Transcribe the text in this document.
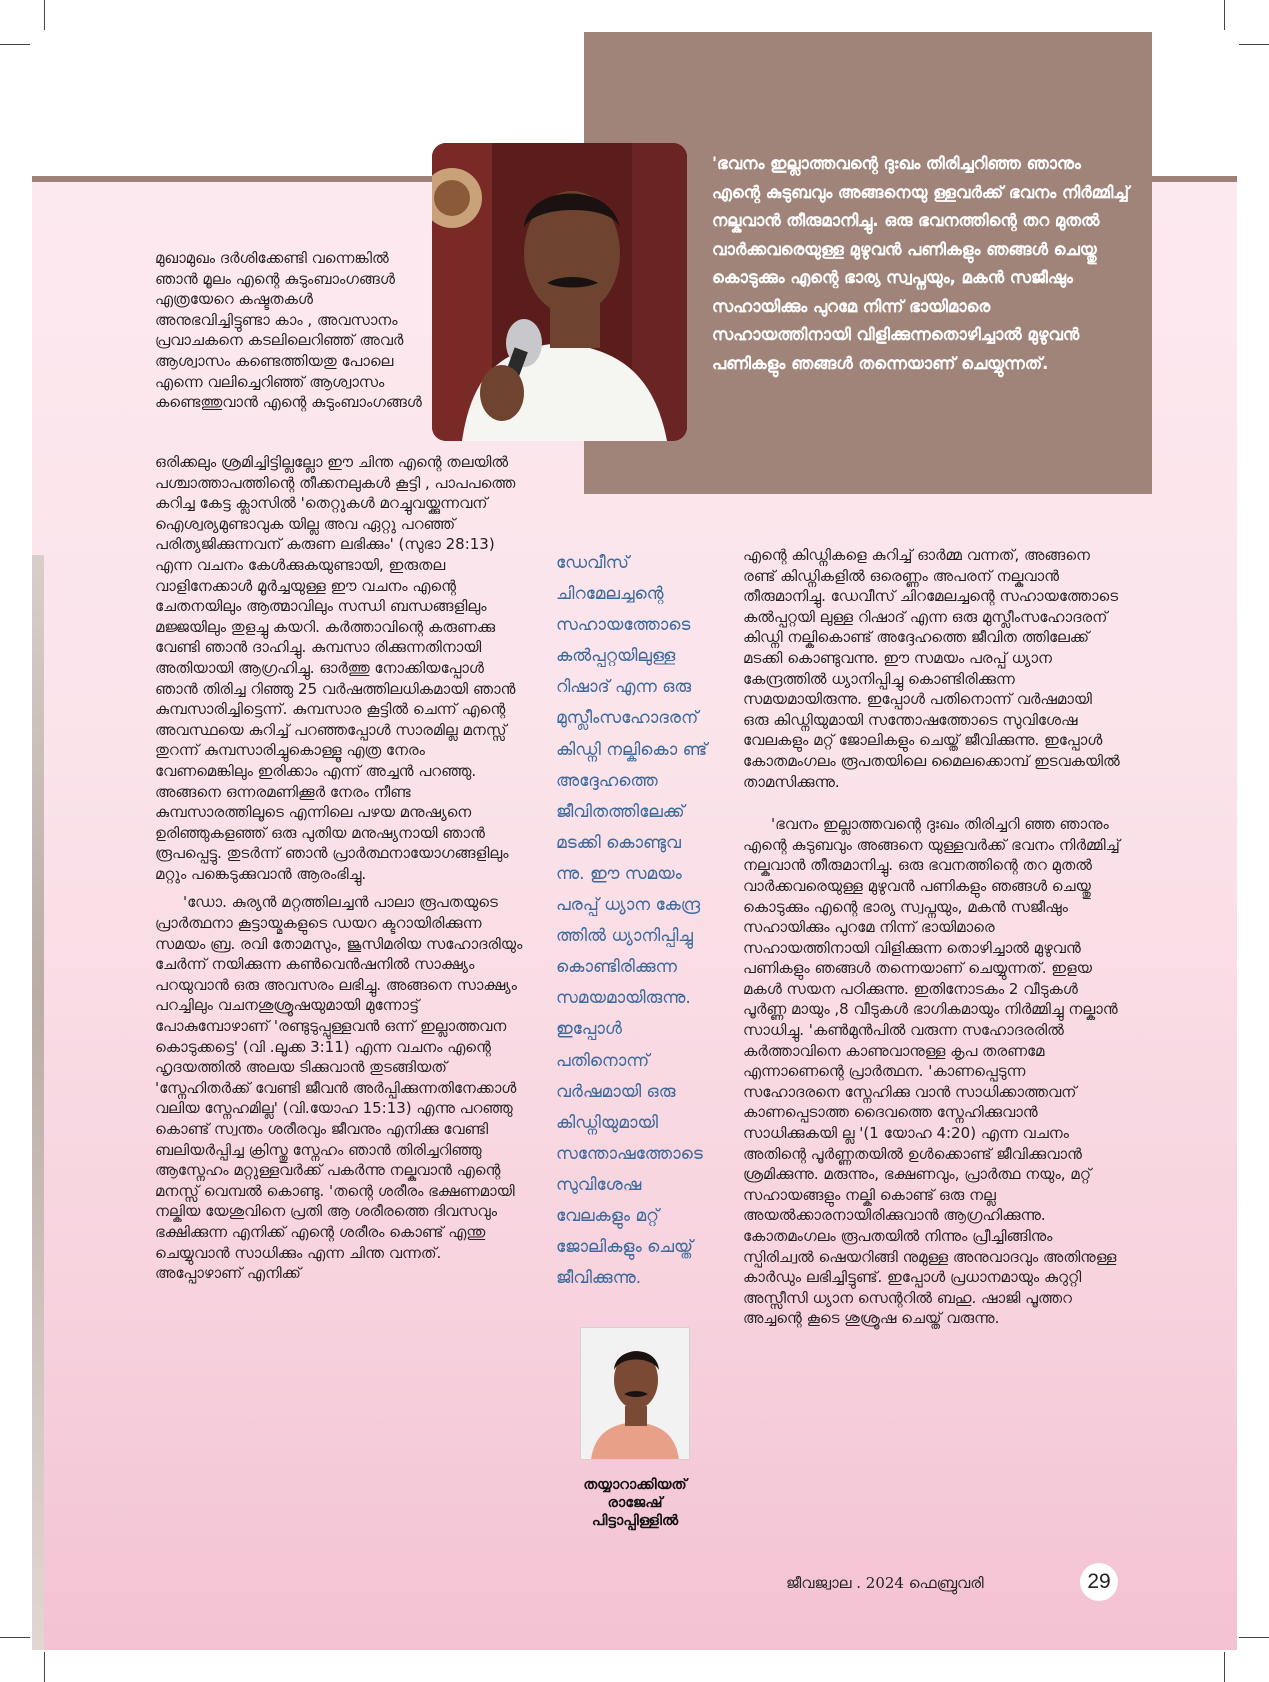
'ഭവനം ഇല്ലാത്തവന്റെ ദുഃഖം തിരിച്ചറിഞ്ഞ ഞാനും എന്റെ കുടുബവും അങ്ങനെയു ള്ളവർക്ക് ഭവനം നിർമ്മിച്ച് നല്കുവാൻ തീരുമാനിച്ചു. ഒരു ഭവനത്തിന്റെ തറ മുതൽ വാർക്കവരെയുള്ള മുഴുവൻ പണികളും ഞങ്ങൾ ചെയ്തു കൊടുക്കും എന്റെ ഭാര്യ സ്വപ്നയും, മകൻ സജീഷും സഹായിക്കും പുറമേ നിന്ന് ഭായിമാരെ സഹായത്തിനായി വിളിക്കുന്നതൊഴിച്ചാൽ മുഴുവൻ പണികളും ഞങ്ങൾ തന്നെയാണ് ചെയ്യുന്നത്.

മുഖാമുഖം ദർശിക്കേണ്ടി വന്നെങ്കിൽ ഞാൻ മൂലം എന്റെ കുടുംബാംഗങ്ങൾ എത്രയേറെ കഷ്ടതകൾ അനുഭവിച്ചിട്ടുണ്ടാ കാം , അവസാനം പ്രവാചകനെ കടലിലെറിഞ്ഞ് അവർ ആശ്വാസം കണ്ടെത്തിയതു പോലെ എന്നെ വലിച്ചെറിഞ്ഞ് ആശ്വാസം കണ്ടെത്തുവാൻ എന്റെ കുടുംബാംഗങ്ങൾ

ഒരിക്കലും ശ്രമിച്ചിട്ടില്ലല്ലോ ഈ ചിന്ത എന്റെ തലയിൽ പശ്ചാത്താപത്തിന്റെ തീക്കനലുകൾ കൂട്ടി , പാപപത്തെ കറിച്ച കേട്ട ക്ലാസിൽ 'തെറ്റുകൾ മറച്ചുവയ്ക്കുന്നവന് ഐശ്വര്യമുണ്ടാവുക യില്ല അവ ഏറ്റു പറഞ്ഞ് പരിത്യജിക്കുന്നവന് കരുണ ലഭിക്കും' (സുഭാ 28:13) എന്ന വചനം കേൾക്കുകയുണ്ടായി, ഇരുതല വാളിനേക്കാൾ മൂർച്ചയുള്ള ഈ വചനം എന്റെ ചേതനയിലും ആത്മാവിലും സന്ധി ബന്ധങ്ങളിലും മജ്ജയിലും തുളച്ചു കയറി. കർത്താവിന്റെ കരുണക്കു വേണ്ടി ഞാൻ ദാഹിച്ചു. കുമ്പസാ രിക്കുന്നതിനായി അതിയായി ആഗ്രഹിച്ചു. ഓർത്തു നോക്കിയപ്പോൾ ഞാൻ തിരിച്ച റിഞ്ഞു 25 വർഷത്തിലധികമായി ഞാൻ കുമ്പസാരിച്ചിട്ടെന്ന്. കുമ്പസാര കൂട്ടിൽ ചെന്ന് എന്റെ അവസ്ഥയെ കുറിച്ച് പറഞ്ഞപ്പോൾ സാരമില്ല മനസ്സ് തുറന്ന് കുമ്പസാരിച്ചുകൊള്ളൂ എത്ര നേരം വേണമെങ്കിലും ഇരിക്കാം എന്ന് അച്ചൻ പറഞ്ഞു. അങ്ങനെ ഒന്നരമണിക്കൂർ നേരം നീണ്ട കുമ്പസാരത്തിലൂടെ എന്നിലെ പഴയ മനുഷ്യനെ ഉരിഞ്ഞുകളഞ്ഞ് ഒരു പുതിയ മനുഷ്യനായി ഞാൻ രൂപപ്പെട്ടു. തുടർന്ന് ഞാൻ പ്രാർത്ഥനായോഗങ്ങളിലും മറ്റും പങ്കെടുക്കുവാൻ ആരംഭിച്ചു.

'ഡോ. കുര്യൻ മറ്റത്തിലച്ചൻ പാലാ രൂപതയുടെ പ്രാർത്ഥനാ കൂട്ടായ്മകളുടെ ഡയറ ക്ടറായിരിക്കുന്ന സമയം ബ്ര. രവി തോമസും, ജൂസിമരിയ സഹോദരിയും ചേർന്ന് നയിക്കുന്ന കൺവെൻഷനിൽ സാക്ഷ്യം പറയുവാൻ ഒരു അവസരം ലഭിച്ചു. അങ്ങനെ സാക്ഷ്യം പറച്ചിലും വചനശുശ്രൂഷയുമായി മുന്നോട്ട് പോകുമ്പോഴാണ് 'രണ്ടുടുപ്പുള്ളവൻ ഒന്ന് ഇല്ലാത്തവന കൊടുക്കട്ടെ' (വി .ലൂക്ക 3:11) എന്ന വചനം എന്റെ ഹൃദയത്തിൽ അലയ ടിക്കുവാൻ തുടങ്ങിയത് 'സ്നേഹിതർക്ക് വേണ്ടി ജീവൻ അർപ്പിക്കുന്നതിനേക്കാൾ വലിയ സ്നേഹമില്ല' (വി.യോഹ 15:13) എന്നു പറഞ്ഞു കൊണ്ട് സ്വന്തം ശരീരവും ജീവനും എനിക്കു വേണ്ടി ബലിയർപ്പിച്ച ക്രിസ്തു സ്നേഹം ഞാൻ തിരിച്ചറിഞ്ഞു ആസ്നേഹം മറ്റുള്ളവർക്ക് പകർന്നു നല്കുവാൻ എന്റെ മനസ്സ് വെമ്പൽ കൊണ്ടു. 'തന്റെ ശരീരം ഭക്ഷണമായി നല്കിയ യേശുവിനെ പ്രതി ആ ശരീരത്തെ ദിവസവും ഭക്ഷിക്കുന്ന എനിക്ക് എന്റെ ശരീരം കൊണ്ട് എന്തു ചെയ്യുവാൻ സാധിക്കും എന്ന ചിന്ത വന്നത്. അപ്പോഴാണ് എനിക്ക്

ഡേവീസ് ചിറമേലച്ചന്റെ സഹായത്തോടെ കൽപ്പറ്റയിലുള്ള റിഷാദ് എന്ന ഒരു മുസ്ലീംസഹോദരന് കിഡ്നി നല്കികൊ ണ്ട് അദ്ദേഹത്തെ ജീവിതത്തിലേക്ക് മടക്കി കൊണ്ടുവ ന്നു. ഈ സമയം പരപ്പ് ധ്യാന കേന്ദ്ര ത്തിൽ ധ്യാനിപ്പിച്ചു കൊണ്ടിരിക്കുന്ന സമയമായിരുന്നു. ഇപ്പോൾ പതിനൊന്ന് വർഷമായി ഒരു കിഡ്നിയുമായി സന്തോഷത്തോടെ സുവിശേഷ വേലകളും മറ്റ് ജോലികളും ചെയ്ത് ജീവിക്കുന്നു.

എന്റെ കിഡ്നികളെ കുറിച്ച് ഓർമ്മ വന്നത്, അങ്ങനെ രണ്ട് കിഡ്നികളിൽ ഒരെണ്ണം അപരന് നല്കുവാൻ തീരുമാനിച്ചു. ഡേവീസ് ചിറമേലച്ചന്റെ സഹായത്തോടെ കൽപ്പറ്റയി ലുള്ള റിഷാദ് എന്ന ഒരു മുസ്ലീംസഹോദരന് കിഡ്നി നല്കികൊണ്ട് അദ്ദേഹത്തെ ജീവിത ത്തിലേക്ക് മടക്കി കൊണ്ടുവന്നു. ഈ സമയം പരപ്പ് ധ്യാന കേന്ദ്രത്തിൽ ധ്യാനിപ്പിച്ചു കൊണ്ടിരിക്കുന്ന സമയമായിരുന്നു. ഇപ്പോൾ പതിനൊന്ന് വർഷമായി ഒരു കിഡ്നിയുമായി സന്തോഷത്തോടെ സുവിശേഷ വേലകളും മറ്റ് ജോലികളും ചെയ്ത് ജീവിക്കുന്നു. ഇപ്പോൾ കോതമംഗലം രൂപതയിലെ മൈലക്കൊമ്പ് ഇടവകയിൽ താമസിക്കുന്നു.

'ഭവനം ഇല്ലാത്തവന്റെ ദുഃഖം തിരിച്ചറി ഞ്ഞ ഞാനും എന്റെ കുടുബവും അങ്ങനെ യുള്ളവർക്ക് ഭവനം നിർമ്മിച്ച് നല്കുവാൻ തീരുമാനിച്ചു. ഒരു ഭവനത്തിന്റെ തറ മുതൽ വാർക്കവരെയുള്ള മുഴുവൻ പണികളും ഞങ്ങൾ ചെയ്തു കൊടുക്കും എന്റെ ഭാര്യ സ്വപ്നയും, മകൻ സജീഷും സഹായിക്കും പുറമേ നിന്ന് ഭായിമാരെ സഹായത്തിനായി വിളിക്കുന്ന തൊഴിച്ചാൽ മുഴുവൻ പണികളും ഞങ്ങൾ തന്നെയാണ് ചെയ്യുന്നത്. ഇളയ മകൾ സയന പഠിക്കുന്നു. ഇതിനോടകം 2 വീടുകൾ പൂർണ്ണ മായും ,8 വീടുകൾ ഭാഗികമായും നിർമ്മിച്ചു നല്കാൻ സാധിച്ചു. 'കൺമുൻപിൽ വരുന്ന സഹോദരരിൽ കർത്താവിനെ കാണുവാനുള്ള കൃപ തരണമേ എന്നാണെന്റെ പ്രാർത്ഥന. 'കാണപ്പെടുന്ന സഹോദരനെ സ്നേഹിക്കു വാൻ സാധിക്കാത്തവന് കാണപ്പെടാത്ത ദൈവത്തെ സ്നേഹിക്കുവാൻ സാധിക്കുകയി ല്ല '(1 യോഹ 4:20) എന്ന വചനം അതിന്റെ പൂർണ്ണതയിൽ ഉൾക്കൊണ്ട് ജീവിക്കുവാൻ ശ്രമിക്കുന്നു. മരുന്നും, ഭക്ഷണവും, പ്രാർത്ഥ നയും, മറ്റ് സഹായങ്ങളും നല്കി കൊണ്ട് ഒരു നല്ല അയൽക്കാരനായിരിക്കുവാൻ ആഗ്രഹിക്കുന്നു. കോതമംഗലം രൂപതയിൽ നിന്നും പ്രീച്ചിങ്ങിനും സ്പിരിച്വൽ ഷെയറിങ്ങി നുമുള്ള അനുവാദവും അതിനുള്ള കാർഡും ലഭിച്ചിട്ടുണ്ട്. ഇപ്പോൾ പ്രധാനമായും കുറുറ്റി അസ്സീസി ധ്യാന സെന്ററിൽ ബഹു. ഷാജി പൂത്തറ അച്ചന്റെ കൂടെ ശുശ്രൂഷ ചെയ്ത് വരുന്നു.

തയ്യാറാക്കിയത്
രാജേഷ്
പിട്ടാപ്പിള്ളിൽ
ജീവജ്വാല . 2024 ഫെബ്രുവരി	29
